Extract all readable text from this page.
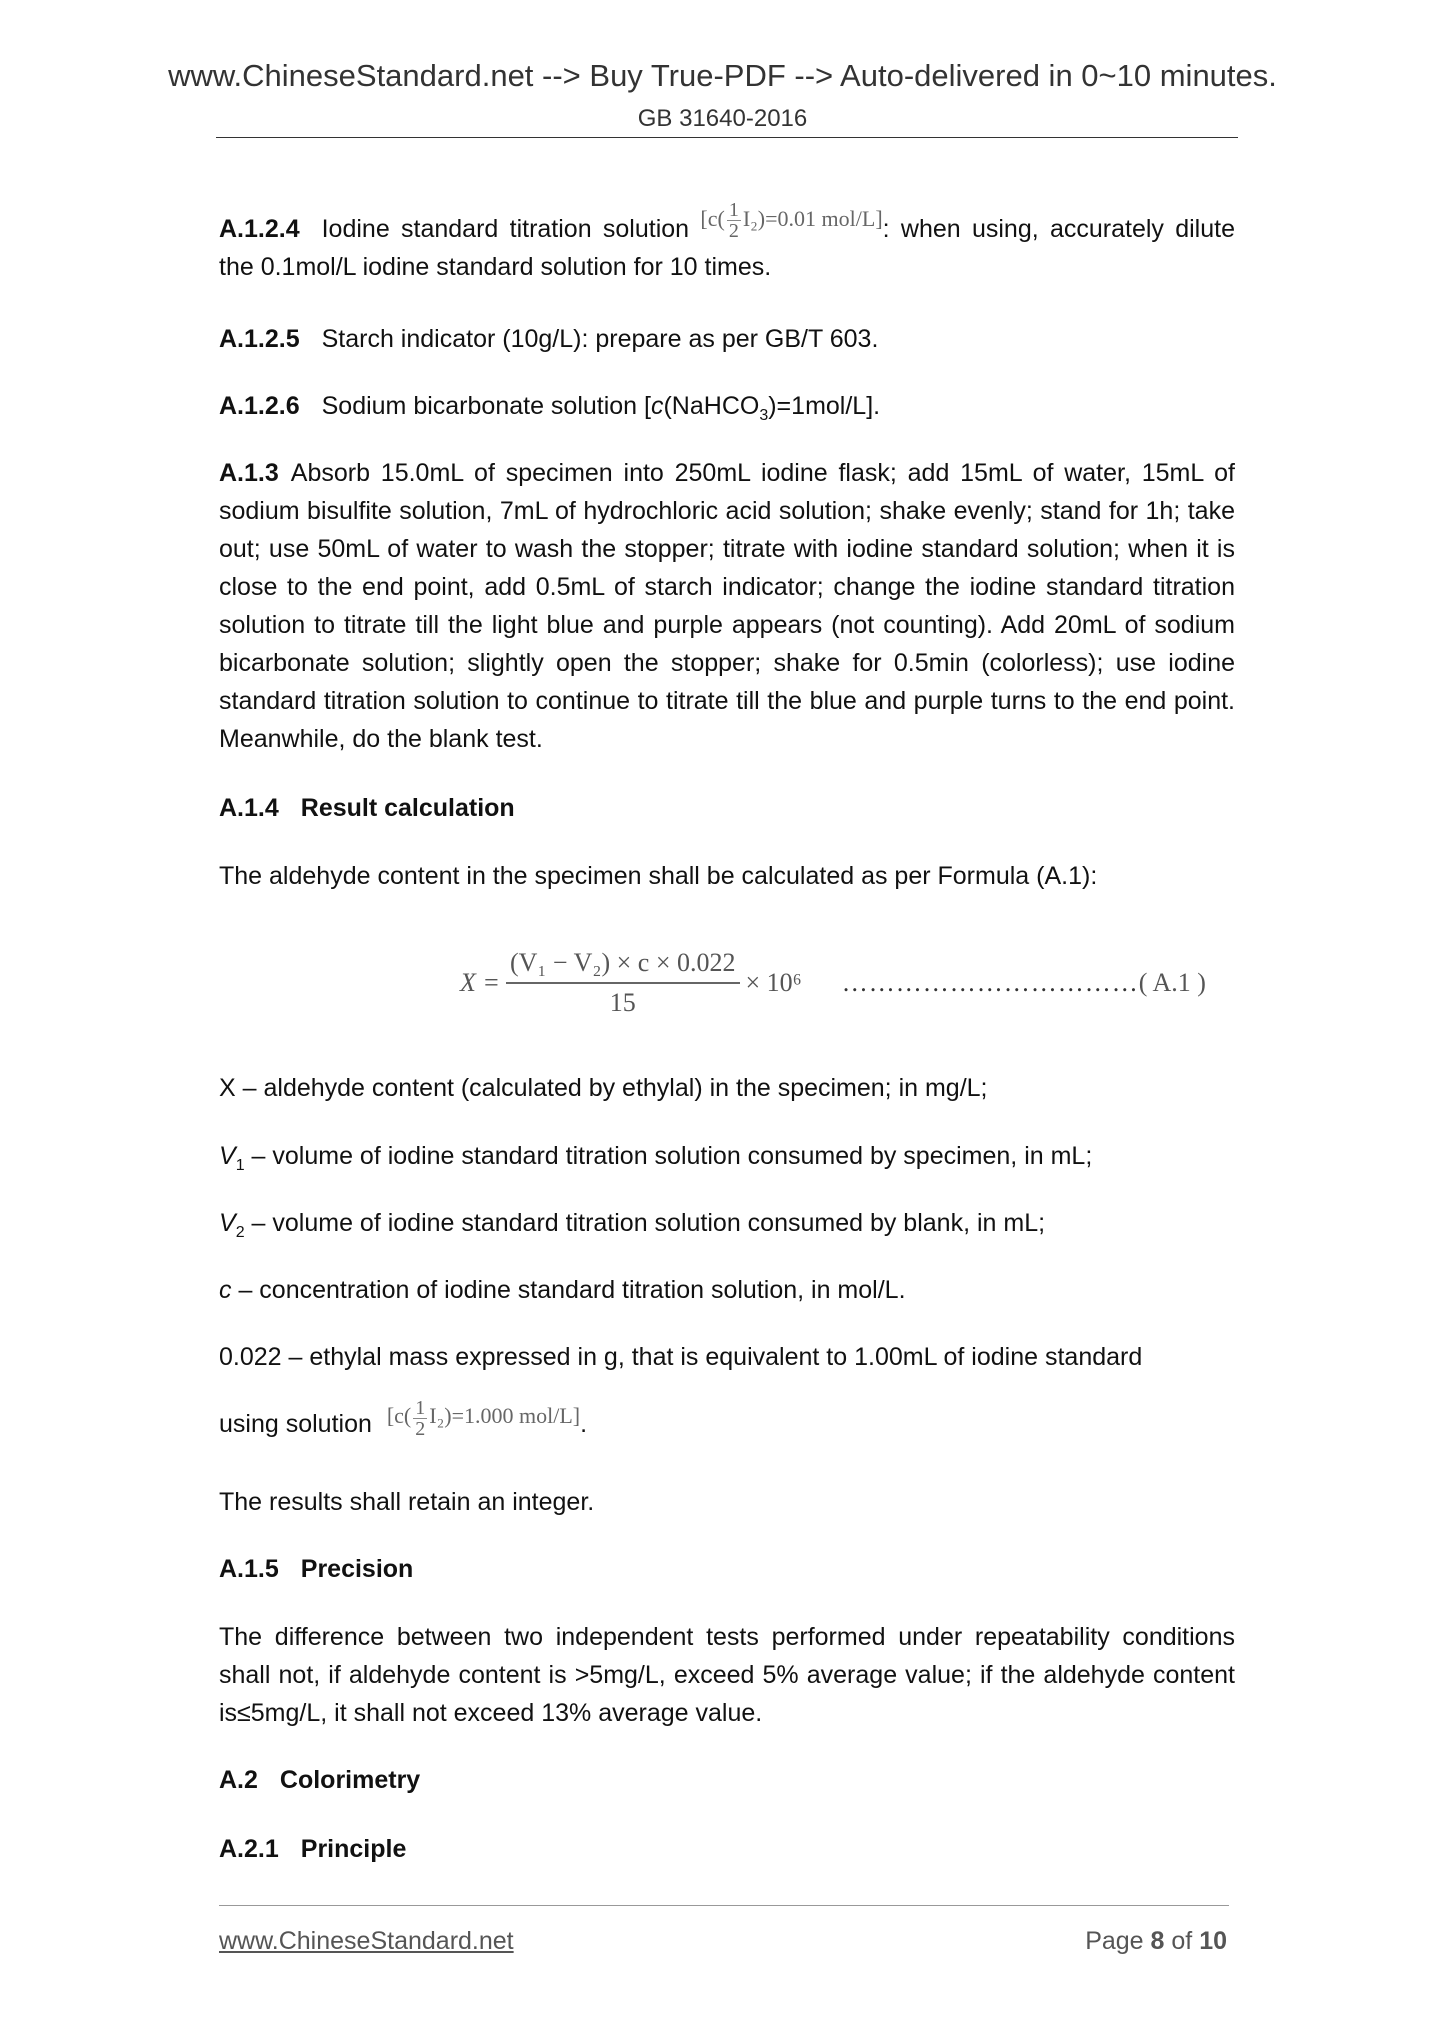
www.ChineseStandard.net --> Buy True-PDF --> Auto-delivered in 0~10 minutes.
GB 31640-2016
A.1.2.4 Iodine standard titration solution [$c( \frac{1}{2} I_2)=0.01$ mol/L]: when using, accurately dilute the 0.1mol/L iodine standard solution for 10 times.
A.1.2.5 Starch indicator (10g/L): prepare as per GB/T 603.
A.1.2.6 Sodium bicarbonate solution [c(NaHCO$_3$)=1mol/L].
A.1.3 Absorb 15.0mL of specimen into 250mL iodine flask; add 15mL of water, 15mL of sodium bisulfite solution, 7mL of hydrochloric acid solution; shake evenly; stand for 1h; take out; use 50mL of water to wash the stopper; titrate with iodine standard solution; when it is close to the end point, add 0.5mL of starch indicator; change the iodine standard titration solution to titrate till the light blue and purple appears (not counting). Add 20mL of sodium bicarbonate solution; slightly open the stopper; shake for 0.5min (colorless); use iodine standard titration solution to continue to titrate till the blue and purple turns to the end point. Meanwhile, do the blank test.
A.1.4 Result calculation
The aldehyde content in the specimen shall be calculated as per Formula (A.1):
$X = \frac{\text{(V₁ − V₂) × c × 0.022}}{15} \times 10^6$ …………………………… ( A.1 )
X – aldehyde content (calculated by ethylal) in the specimen; in mg/L;
$V_1$ – volume of iodine standard titration solution consumed by specimen, in mL;
$V_2$ – volume of iodine standard titration solution consumed by blank, in mL;
c – concentration of iodine standard titration solution, in mol/L.
0.022 – ethylal mass expressed in g, that is equivalent to 1.00mL of iodine standard
using solution [$c( \frac{1}{2} I_2)=1.000$ mol/L].
The results shall retain an integer.
A.1.5 Precision
The difference between two independent tests performed under repeatability conditions shall not, if aldehyde content is >5mg/L, exceed 5% average value; if the aldehyde content is≤5mg/L, it shall not exceed 13% average value.
A.2 Colorimetry
A.2.1 Principle
www.ChineseStandard.net	Page 8 of 10
